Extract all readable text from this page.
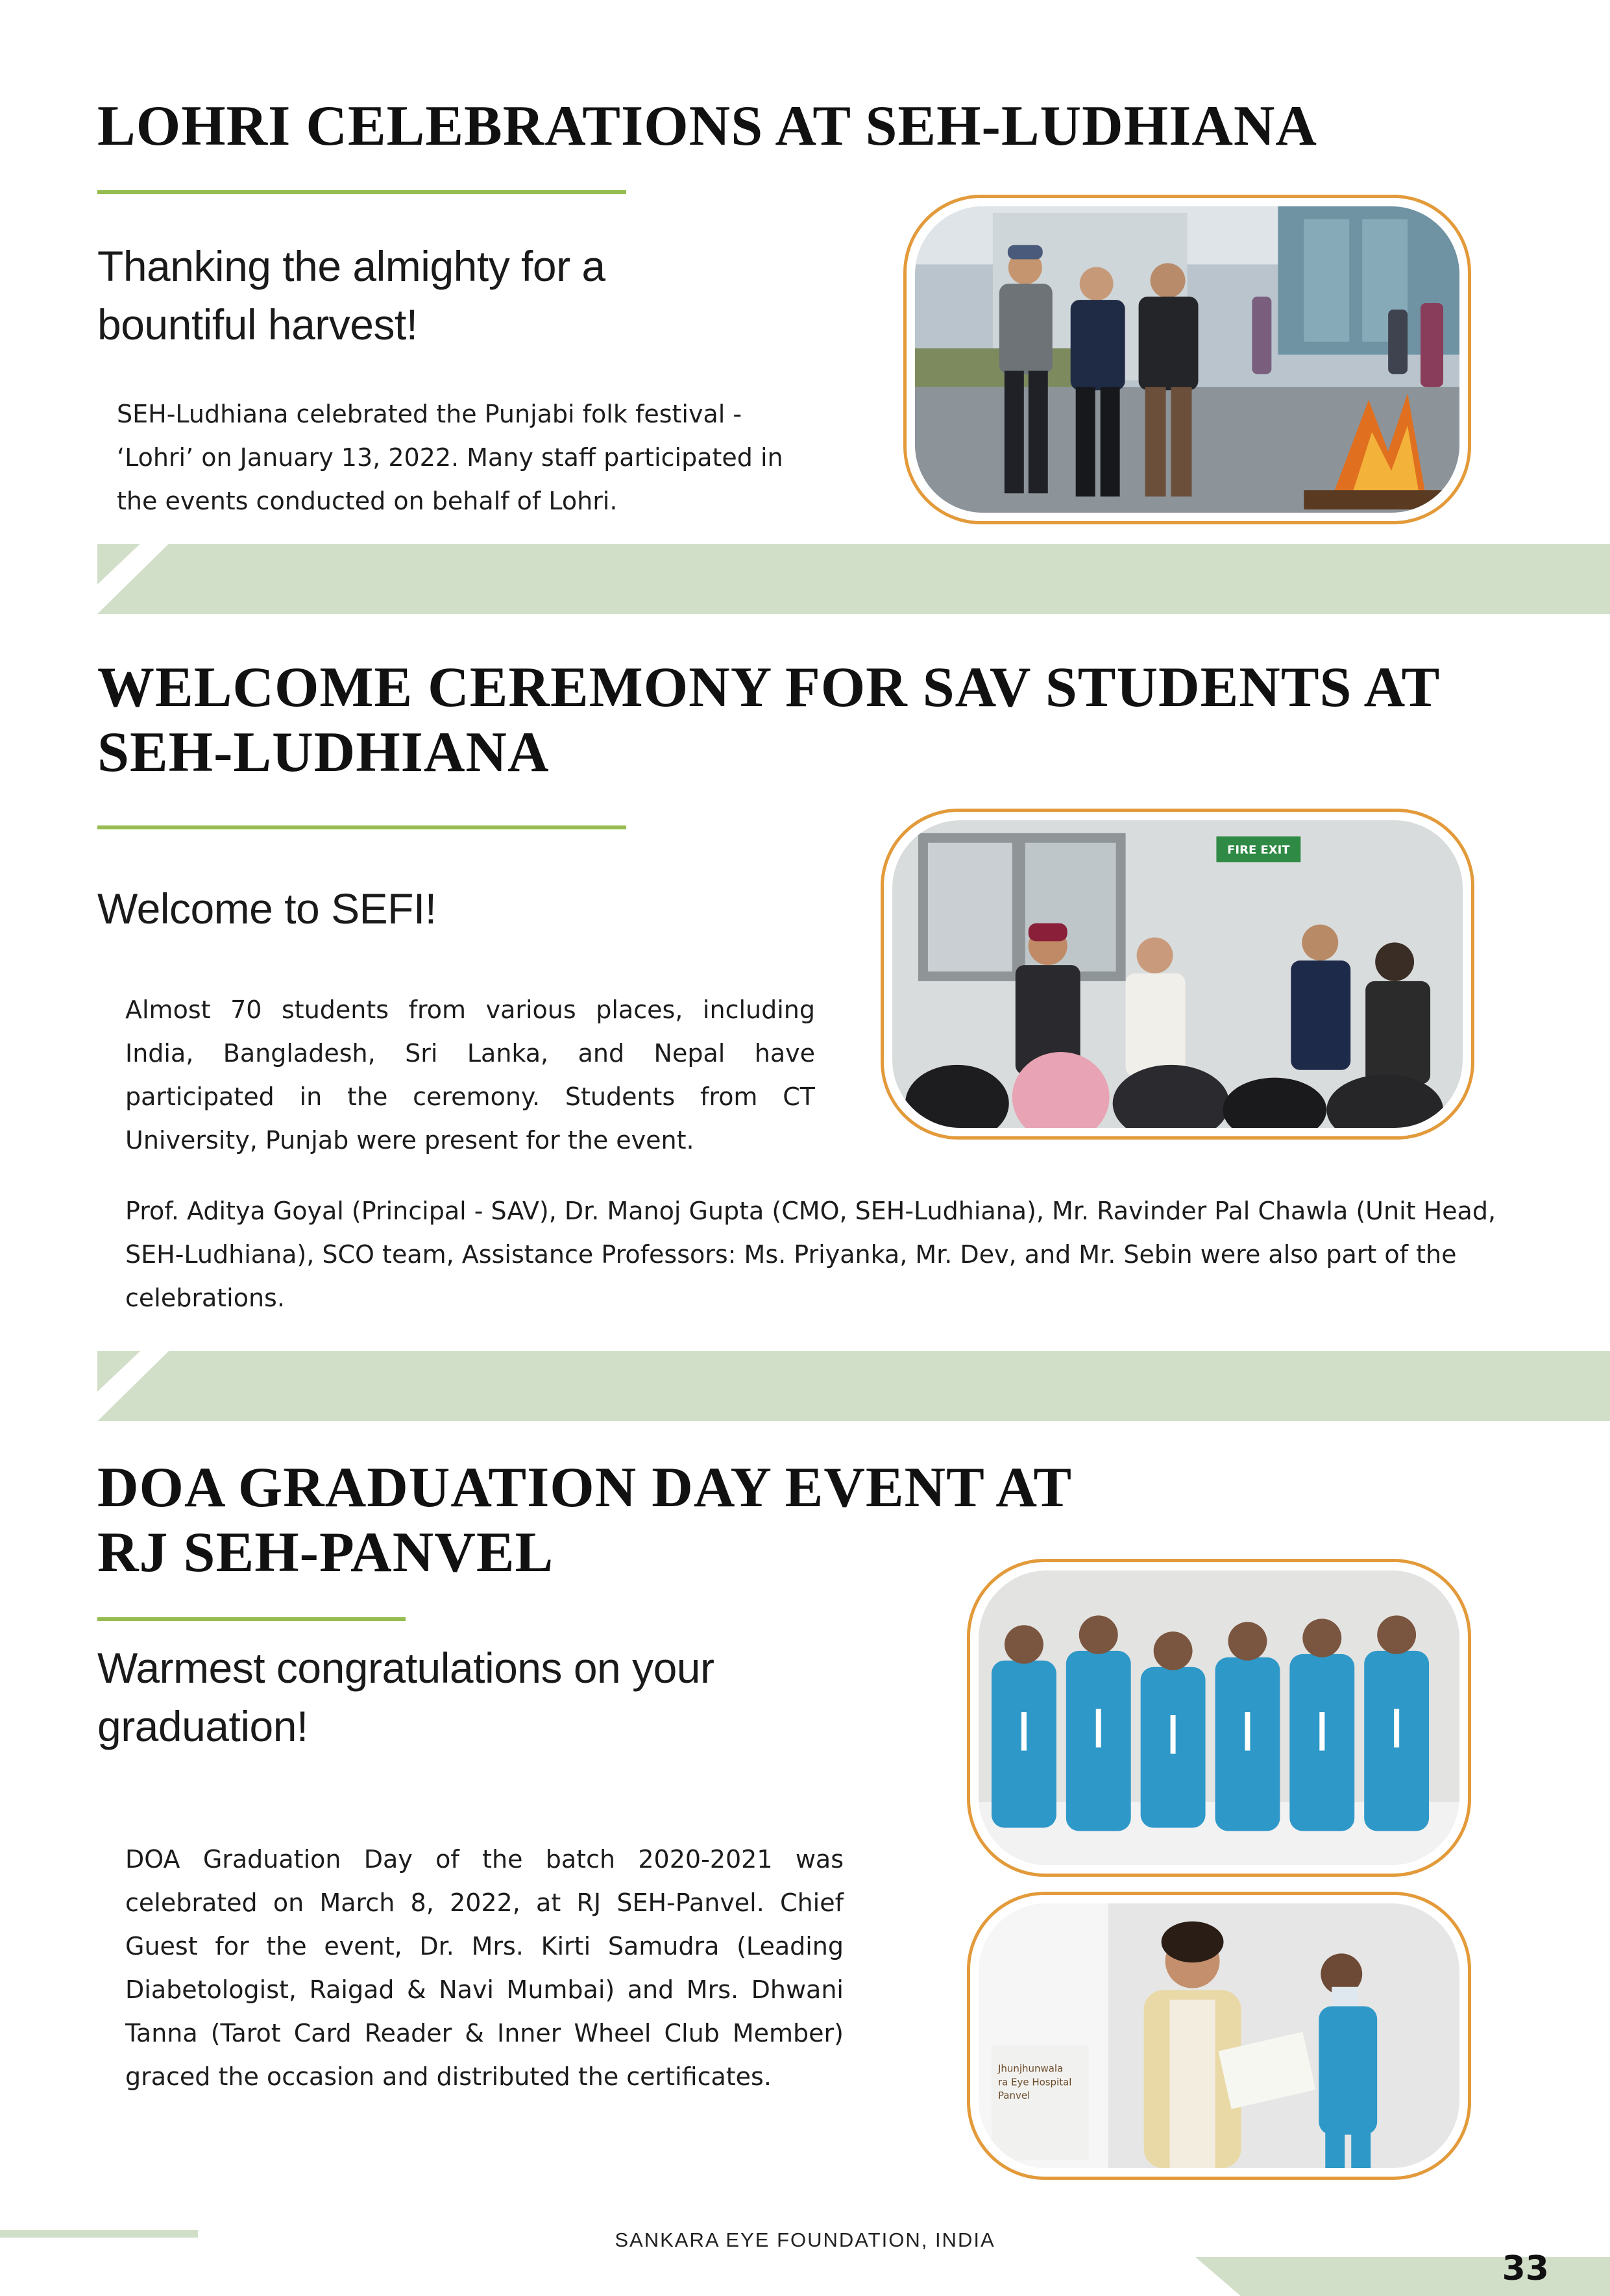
LOHRI CELEBRATIONS AT SEH-LUDHIANA
Thanking the almighty for a
bountiful harvest!

SEH-Ludhiana celebrated the Punjabi folk festival - ‘Lohri’ on January 13, 2022. Many staff participated in the events conducted on behalf of Lohri.

WELCOME CEREMONY FOR SAV STUDENTS AT
SEH-LUDHIANA
Welcome to SEFI!

Almost 70 students from various places, including India, Bangladesh, Sri Lanka, and Nepal have participated in the ceremony. Students from CT University, Punjab were present for the event.

Prof. Aditya Goyal (Principal - SAV), Dr. Manoj Gupta (CMO, SEH-Ludhiana), Mr. Ravinder Pal Chawla (Unit Head, SEH-Ludhiana), SCO team, Assistance Professors: Ms. Priyanka, Mr. Dev, and Mr. Sebin were also part of the celebrations.

FIRE EXIT
DOA GRADUATION DAY EVENT AT
RJ SEH-PANVEL
Warmest congratulations on your
graduation!

DOA Graduation Day of the batch 2020-2021 was celebrated on March 8, 2022, at RJ SEH-Panvel. Chief Guest for the event, Dr. Mrs. Kirti Samudra (Leading Diabetologist, Raigad & Navi Mumbai) and Mrs. Dhwani Tanna (Tarot Card Reader & Inner Wheel Club Member) graced the occasion and distributed the certificates.	Jhunjhunwala
ra Eye Hospital
Panvel
SANKARA EYE FOUNDATION, INDIA
33
